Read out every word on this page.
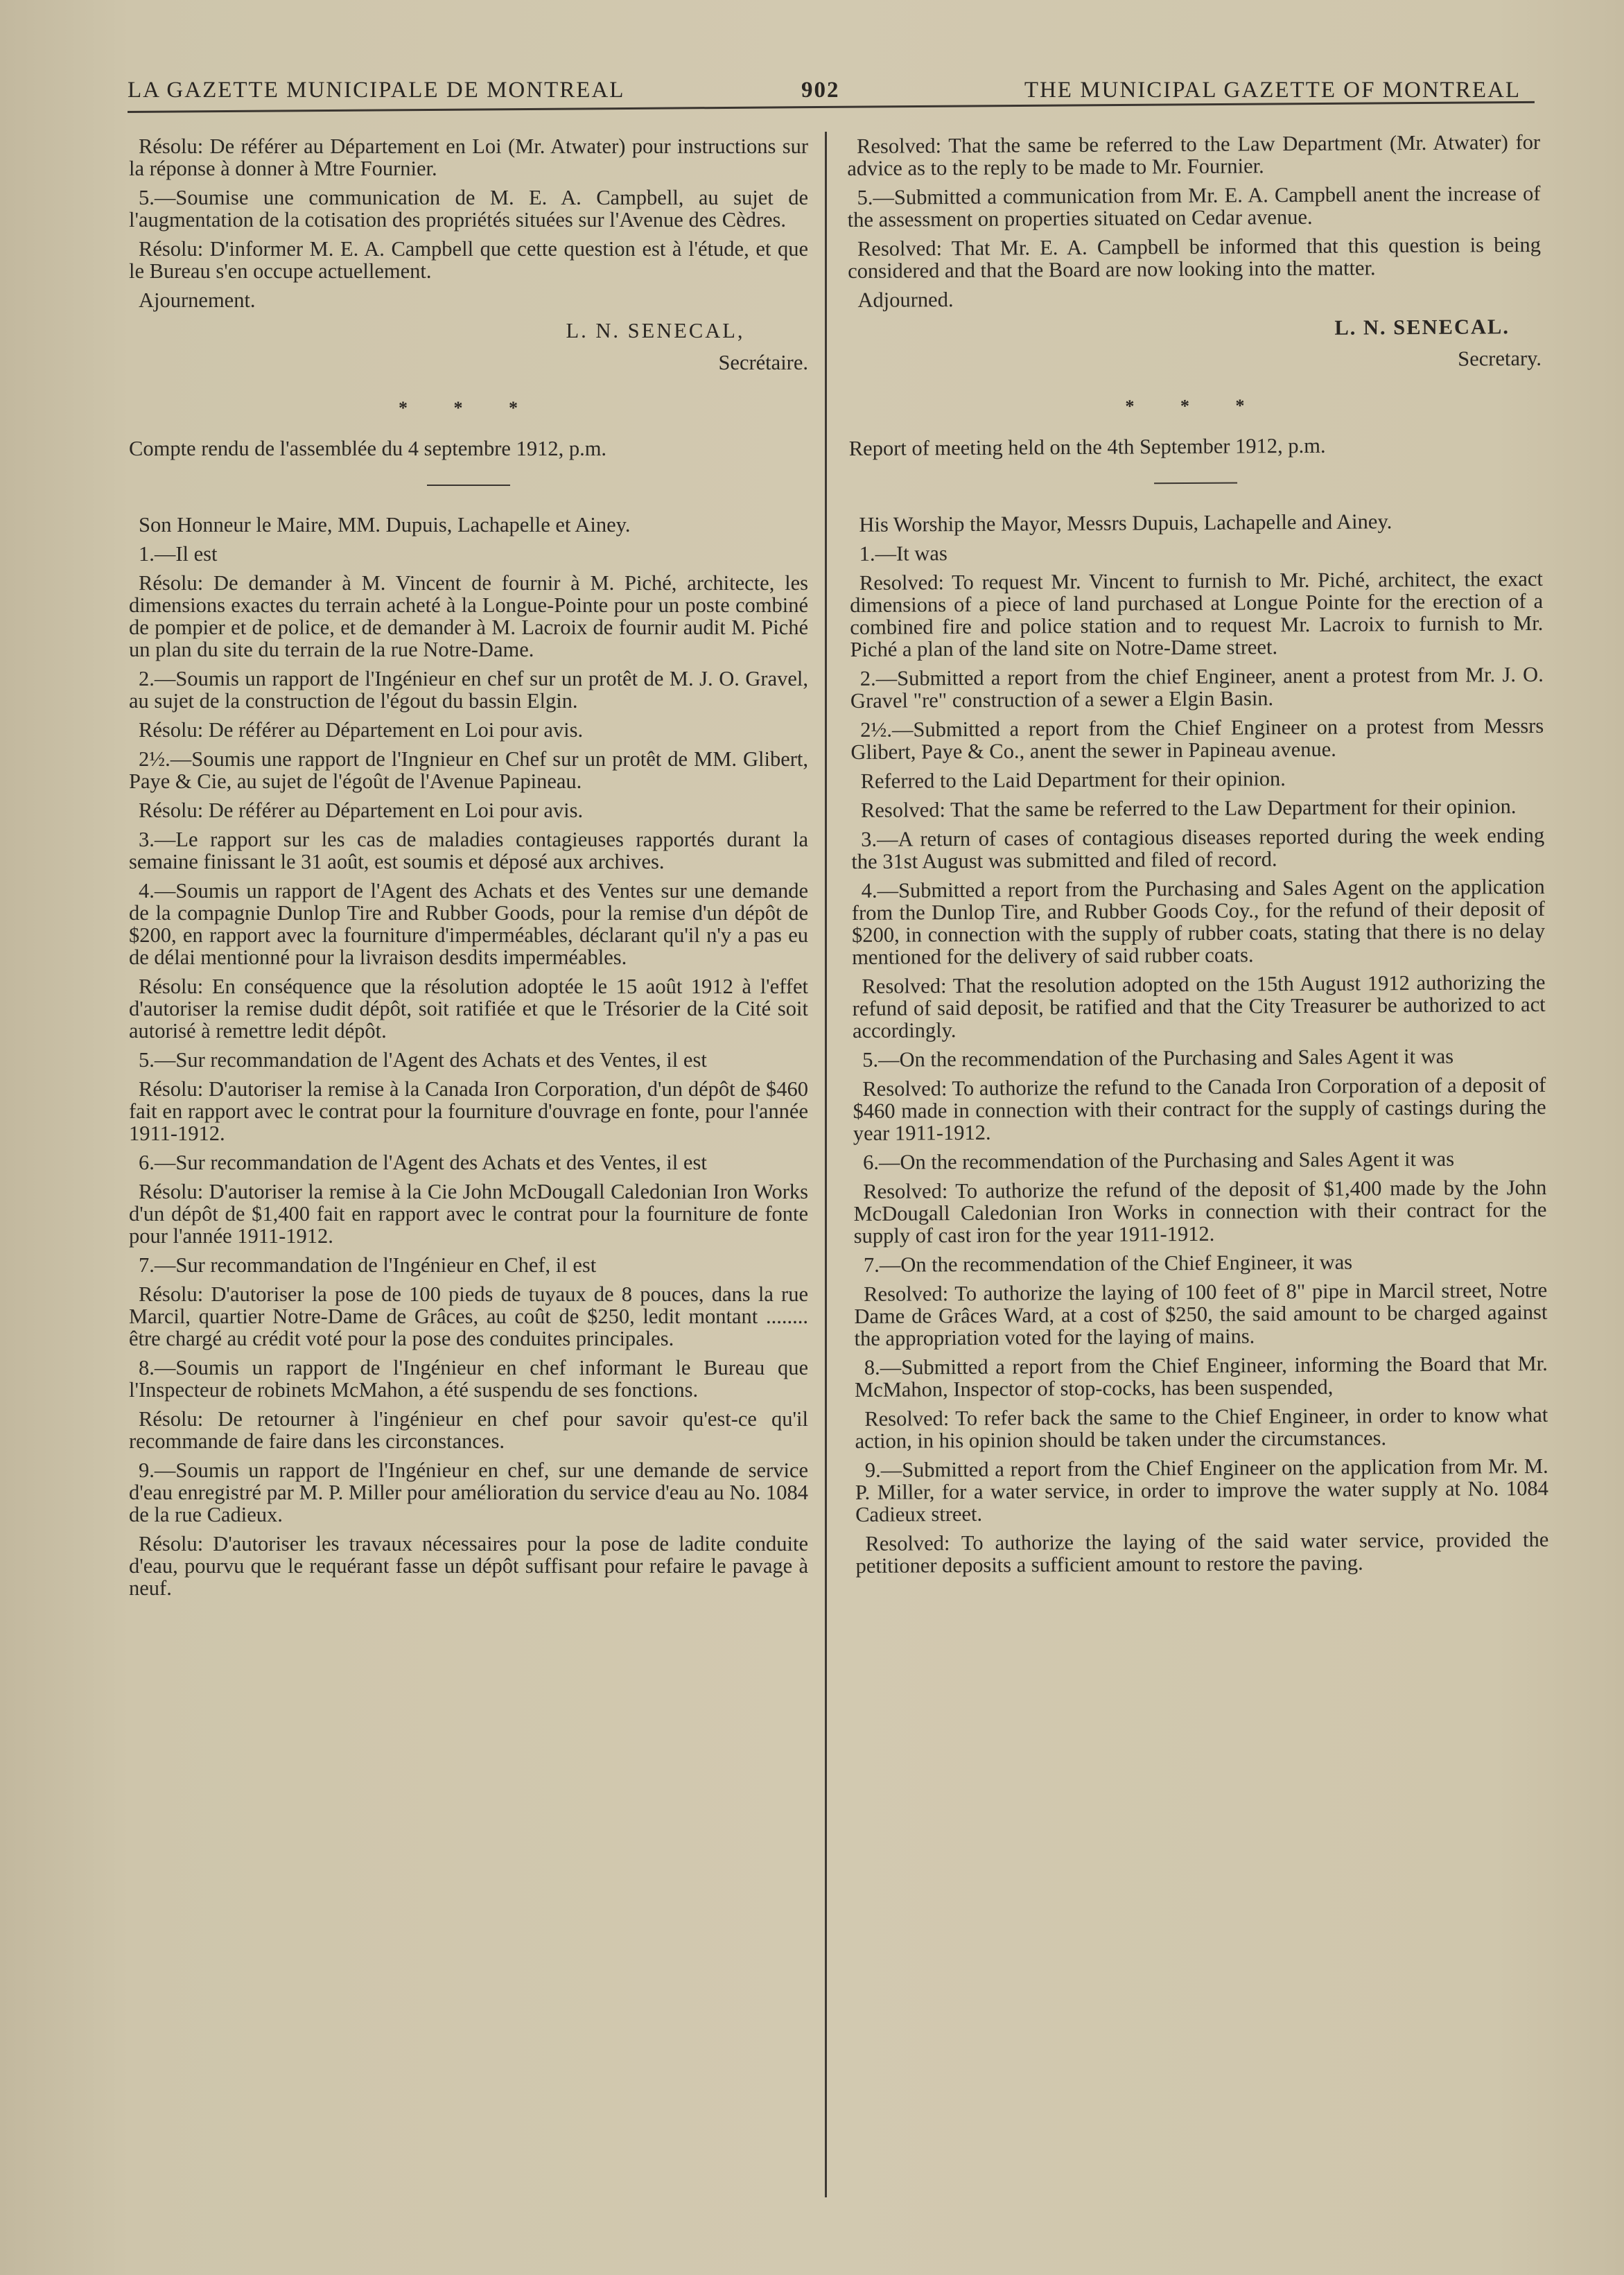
LA GAZETTE MUNICIPALE DE MONTREAL	902	THE MUNICIPAL GAZETTE OF MONTREAL

Résolu: De référer au Département en Loi (Mr. Atwater) pour instructions sur la réponse à donner à Mtre Fournier.

5.—Soumise une communication de M. E. A. Campbell, au sujet de l'augmentation de la cotisation des propriétés situées sur l'Avenue des Cèdres.

Résolu: D'informer M. E. A. Campbell que cette question est à l'étude, et que le Bureau s'en occupe actuellement.

Ajournement.

L. N. SENECAL,

Secrétaire.

* * *

Compte rendu de l'assemblée du 4 septembre 1912, p.m.

Son Honneur le Maire, MM. Dupuis, Lachapelle et Ainey.

1.—Il est

Résolu: De demander à M. Vincent de fournir à M. Piché, architecte, les dimensions exactes du terrain acheté à la Longue-Pointe pour un poste combiné de pompier et de police, et de demander à M. Lacroix de fournir audit M. Piché un plan du site du terrain de la rue Notre-Dame.

2.—Soumis un rapport de l'Ingénieur en chef sur un protêt de M. J. O. Gravel, au sujet de la construction de l'égout du bassin Elgin.

Résolu: De référer au Département en Loi pour avis.

2½.—Soumis une rapport de l'Ingnieur en Chef sur un protêt de MM. Glibert, Paye & Cie, au sujet de l'égoût de l'Avenue Papineau.

Résolu: De référer au Département en Loi pour avis.

3.—Le rapport sur les cas de maladies contagieuses rapportés durant la semaine finissant le 31 août, est soumis et déposé aux archives.

4.—Soumis un rapport de l'Agent des Achats et des Ventes sur une demande de la compagnie Dunlop Tire and Rubber Goods, pour la remise d'un dépôt de $200, en rapport avec la fourniture d'imperméables, déclarant qu'il n'y a pas eu de délai mentionné pour la livraison desdits imperméables.

Résolu: En conséquence que la résolution adoptée le 15 août 1912 à l'effet d'autoriser la remise dudit dépôt, soit ratifiée et que le Trésorier de la Cité soit autorisé à remettre ledit dépôt.

5.—Sur recommandation de l'Agent des Achats et des Ventes, il est

Résolu: D'autoriser la remise à la Canada Iron Corporation, d'un dépôt de $460 fait en rapport avec le contrat pour la fourniture d'ouvrage en fonte, pour l'année 1911-1912.

6.—Sur recommandation de l'Agent des Achats et des Ventes, il est

Résolu: D'autoriser la remise à la Cie John McDougall Caledonian Iron Works d'un dépôt de $1,400 fait en rapport avec le contrat pour la fourniture de fonte pour l'année 1911-1912.

7.—Sur recommandation de l'Ingénieur en Chef, il est

Résolu: D'autoriser la pose de 100 pieds de tuyaux de 8 pouces, dans la rue Marcil, quartier Notre-Dame de Grâces, au coût de $250, ledit montant ........ être chargé au crédit voté pour la pose des conduites principales.

8.—Soumis un rapport de l'Ingénieur en chef informant le Bureau que l'Inspecteur de robinets McMahon, a été suspendu de ses fonctions.

Résolu: De retourner à l'ingénieur en chef pour savoir qu'est-ce qu'il recommande de faire dans les circonstances.

9.—Soumis un rapport de l'Ingénieur en chef, sur une demande de service d'eau enregistré par M. P. Miller pour amélioration du service d'eau au No. 1084 de la rue Cadieux.

Résolu: D'autoriser les travaux nécessaires pour la pose de ladite conduite d'eau, pourvu que le requérant fasse un dépôt suffisant pour refaire le pavage à neuf.

Resolved: That the same be referred to the Law Department (Mr. Atwater) for advice as to the reply to be made to Mr. Fournier.

5.—Submitted a communication from Mr. E. A. Campbell anent the increase of the assessment on properties situated on Cedar avenue.

Resolved: That Mr. E. A. Campbell be informed that this question is being considered and that the Board are now looking into the matter.

Adjourned.

L. N. SENECAL.

Secretary.

* * *

Report of meeting held on the 4th September 1912, p.m.

His Worship the Mayor, Messrs Dupuis, Lachapelle and Ainey.

1.—It was

Resolved: To request Mr. Vincent to furnish to Mr. Piché, architect, the exact dimensions of a piece of land purchased at Longue Pointe for the erection of a combined fire and police station and to request Mr. Lacroix to furnish to Mr. Piché a plan of the land site on Notre-Dame street.

2.—Submitted a report from the chief Engineer, anent a protest from Mr. J. O. Gravel "re" construction of a sewer a Elgin Basin.

2½.—Submitted a report from the Chief Engineer on a protest from Messrs Glibert, Paye & Co., anent the sewer in Papineau avenue.

Referred to the Laid Department for their opinion.

Resolved: That the same be referred to the Law Department for their opinion.

3.—A return of cases of contagious diseases reported during the week ending the 31st August was submitted and filed of record.

4.—Submitted a report from the Purchasing and Sales Agent on the application from the Dunlop Tire, and Rubber Goods Coy., for the refund of their deposit of $200, in connection with the supply of rubber coats, stating that there is no delay mentioned for the delivery of said rubber coats.

Resolved: That the resolution adopted on the 15th August 1912 authorizing the refund of said deposit, be ratified and that the City Treasurer be authorized to act accordingly.

5.—On the recommendation of the Purchasing and Sales Agent it was

Resolved: To authorize the refund to the Canada Iron Corporation of a deposit of $460 made in connection with their contract for the supply of castings during the year 1911-1912.

6.—On the recommendation of the Purchasing and Sales Agent it was

Resolved: To authorize the refund of the deposit of $1,400 made by the John McDougall Caledonian Iron Works in connection with their contract for the supply of cast iron for the year 1911-1912.

7.—On the recommendation of the Chief Engineer, it was

Resolved: To authorize the laying of 100 feet of 8" pipe in Marcil street, Notre Dame de Grâces Ward, at a cost of $250, the said amount to be charged against the appropriation voted for the laying of mains.

8.—Submitted a report from the Chief Engineer, informing the Board that Mr. McMahon, Inspector of stop-cocks, has been suspended,

Resolved: To refer back the same to the Chief Engineer, in order to know what action, in his opinion should be taken under the circumstances.

9.—Submitted a report from the Chief Engineer on the application from Mr. M. P. Miller, for a water service, in order to improve the water supply at No. 1084 Cadieux street.

Resolved: To authorize the laying of the said water service, provided the petitioner deposits a sufficient amount to restore the paving.
